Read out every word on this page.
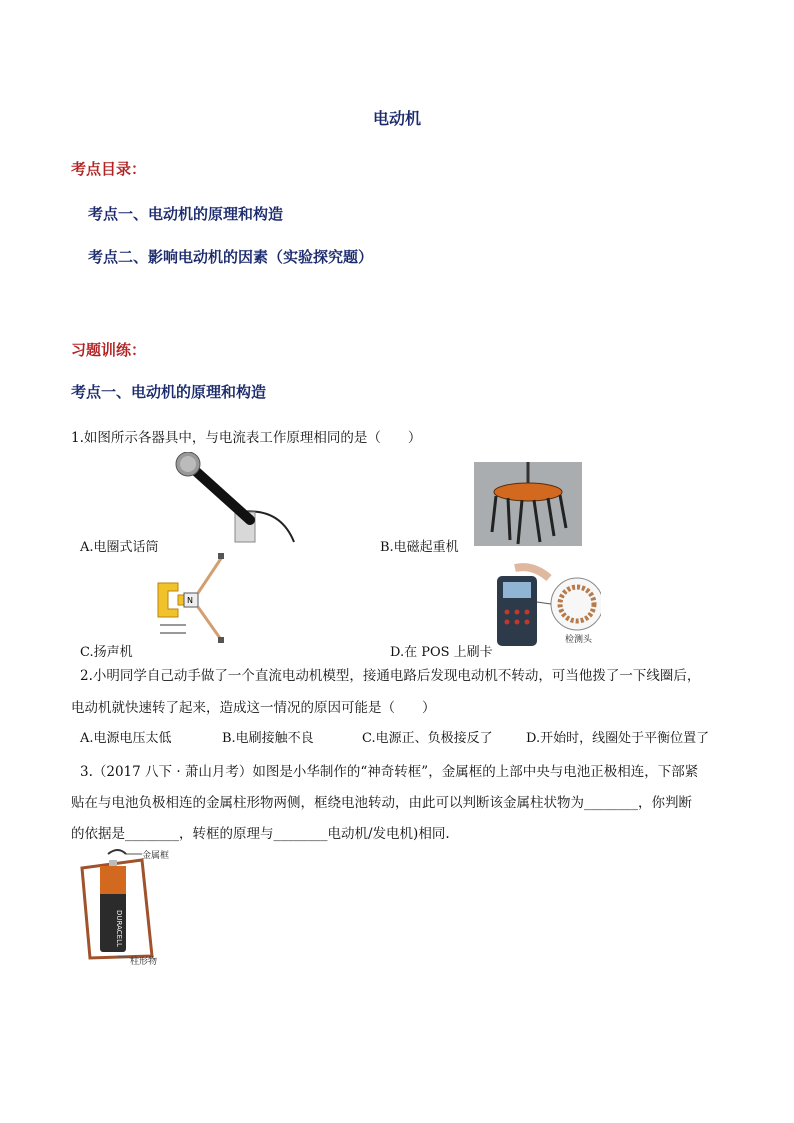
电动机
考点目录：
考点一、电动机的原理和构造
考点二、影响电动机的因素（实验探究题）
习题训练：
考点一、电动机的原理和构造
1.如图所示各器具中，与电流表工作原理相同的是（　　）
A.电圈式话筒	B.电磁起重机
N
C.扬声机
检测头
D.在 POS 上刷卡
2.小明同学自己动手做了一个直流电动机模型，接通电路后发现电动机不转动，可当他拨了一下线圈后，
电动机就快速转了起来，造成这一情况的原因可能是（　　）
A.电源电压太低	B.电刷接触不良	C.电源正、负极接反了	D.开始时，线圈处于平衡位置了
3.（2017 八下 · 萧山月考）如图是小华制作的“神奇转框”，金属框的上部中央与电池正极相连，下部紧
贴在与电池负极相连的金属柱形物两侧，框绕电池转动，由此可以判断该金属柱状物为________，你判断
的依据是________，转框的原理与________电动机/发电机)相同.
DURACELL
金属框
柱形物
